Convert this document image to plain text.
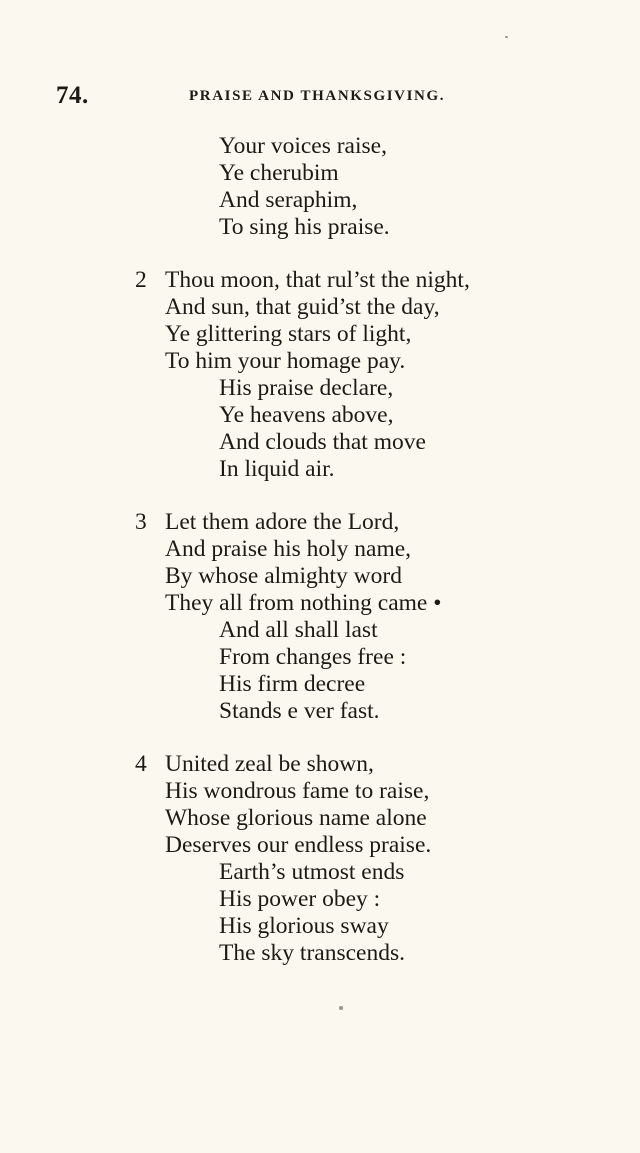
74.	PRAISE AND THANKSGIVING.
Your voices raise,
Ye cherubim
And seraphim,
To sing his praise.
2 Thou moon, that rul’st the night,
And sun, that guid’st the day,
Ye glittering stars of light,
To him your homage pay.
His praise declare,
Ye heavens above,
And clouds that move
In liquid air.
3 Let them adore the Lord,
And praise his holy name,
By whose almighty word
They all from nothing came •
And all shall last
From changes free :
His firm decree
Stands e ver fast.
4 United zeal be shown,
His wondrous fame to raise,
Whose glorious name alone
Deserves our endless praise.
Earth’s utmost ends
His power obey :
His glorious sway
The sky transcends.
